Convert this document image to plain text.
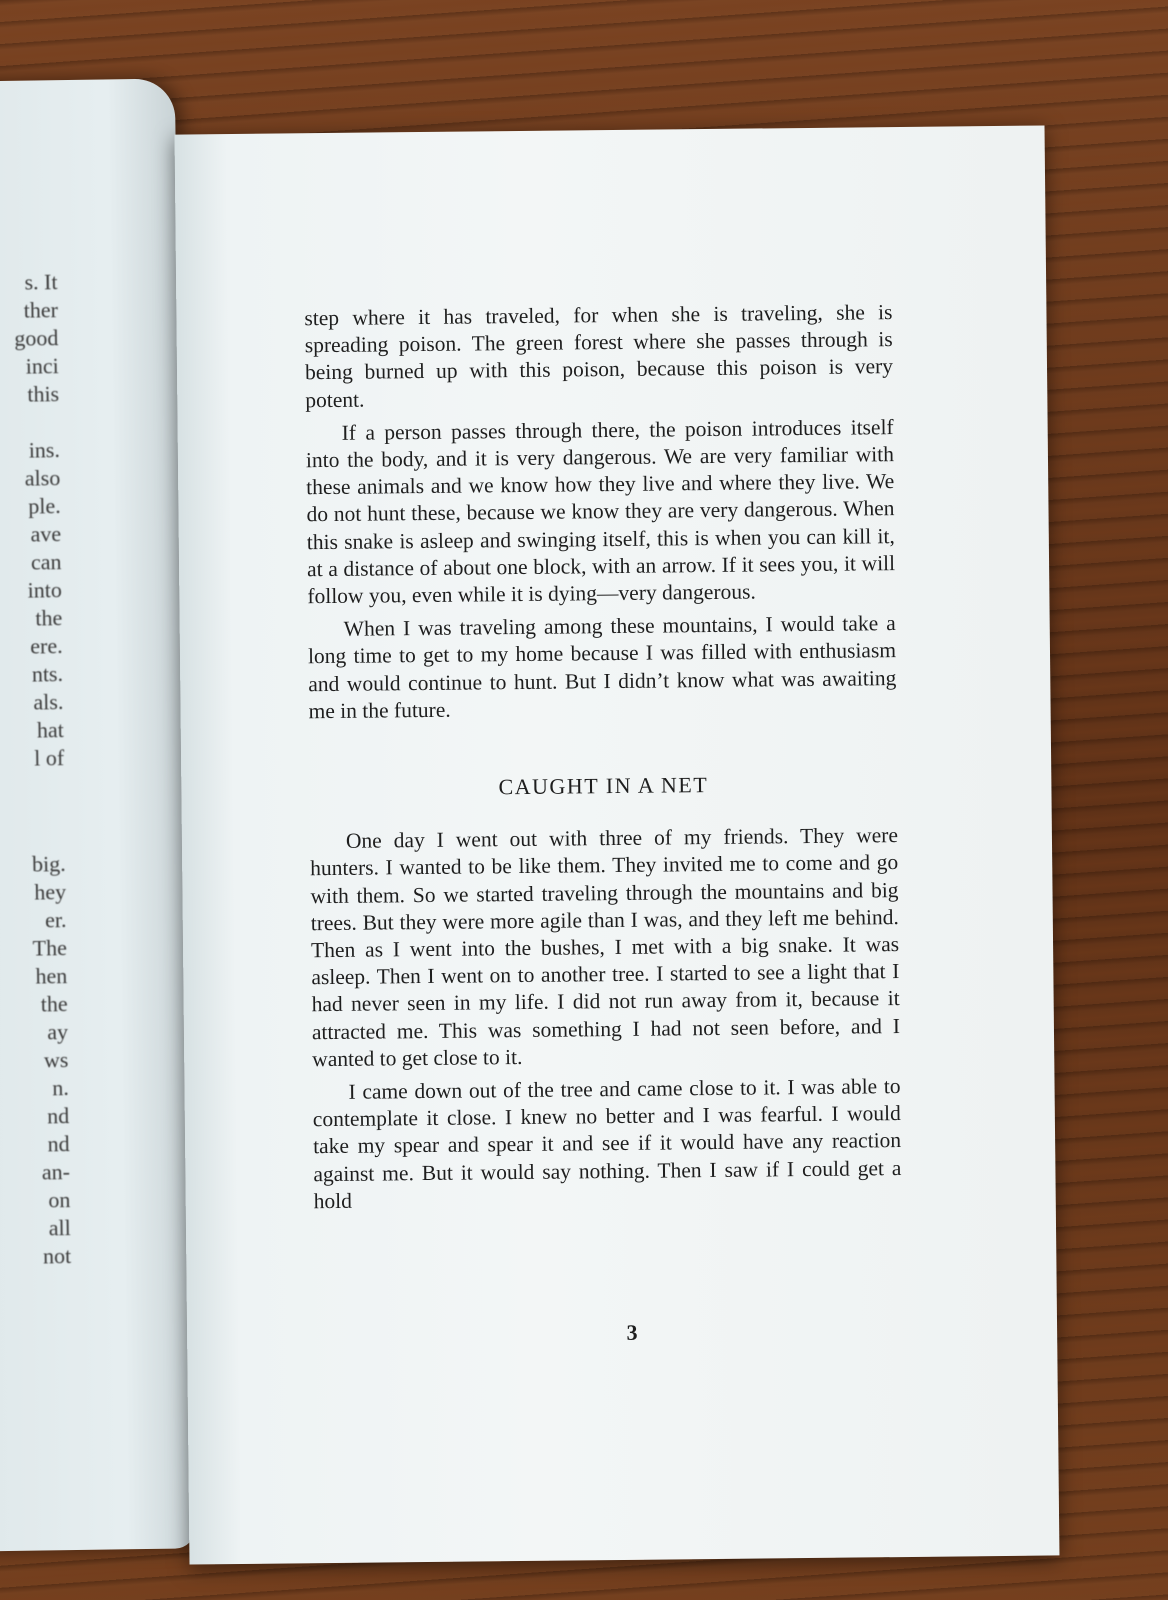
s. It
ther
good
inci
this
ins.
also
ple.
ave
can
into
the
ere.
nts.
als.
hat
l of
big.
hey
er.
The
hen
the
ay
ws
n.
nd
nd
an-
on
all
not

step where it has traveled, for when she is traveling, she is spreading poison. The green forest where she passes through is being burned up with this poison, because this poison is very potent.

If a person passes through there, the poison introduces itself into the body, and it is very dangerous. We are very familiar with these animals and we know how they live and where they live. We do not hunt these, because we know they are very dangerous. When this snake is asleep and swinging itself, this is when you can kill it, at a distance of about one block, with an arrow. If it sees you, it will follow you, even while it is dying—very dangerous.

When I was traveling among these mountains, I would take a long time to get to my home because I was filled with enthusiasm and would continue to hunt. But I didn’t know what was awaiting me in the future.

CAUGHT IN A NET

One day I went out with three of my friends. They were hunters. I wanted to be like them. They invited me to come and go with them. So we started traveling through the mountains and big trees. But they were more agile than I was, and they left me behind. Then as I went into the bushes, I met with a big snake. It was asleep. Then I went on to another tree. I started to see a light that I had never seen in my life. I did not run away from it, because it attracted me. This was something I had not seen before, and I wanted to get close to it.

I came down out of the tree and came close to it. I was able to contemplate it close. I knew no better and I was fearful. I would take my spear and spear it and see if it would have any reaction against me. But it would say nothing. Then I saw if I could get a hold

3
